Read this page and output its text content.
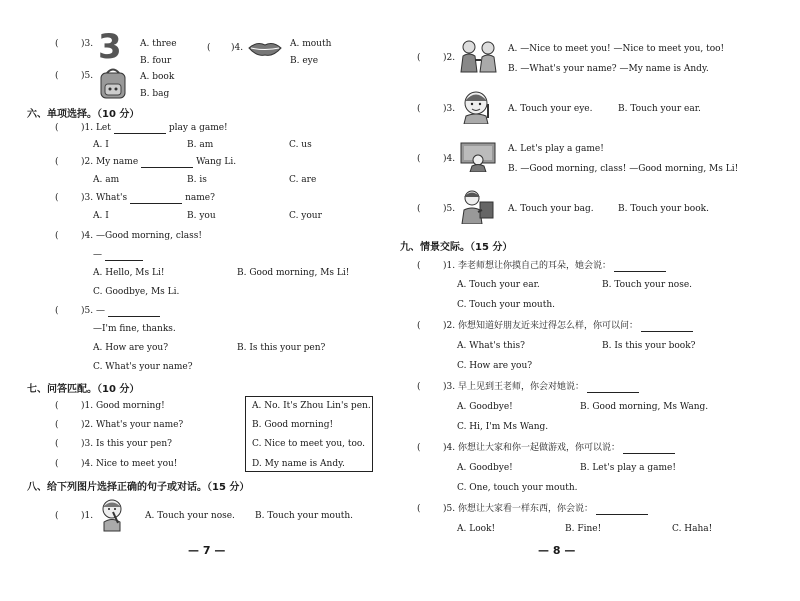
( )3. 3 A. three
B. four
( )4.	A. mouth
B. eye
( )5.	A. book
B. bag
六、单项选择。（10 分）
( )1. Let	play a game!
A. I	B. am	C. us
( )2. My name	Wang Li.
A. am	B. is	C. are
( )3. What's	name?
A. I	B. you	C. your
( )4. —Good morning, class!
—
A. Hello, Ms Li!	B. Good morning, Ms Li!
C. Goodbye, Ms Li.
( )5. —
—I'm fine, thanks.
A. How are you?	B. Is this your pen?
C. What's your name?
七、问答匹配。（10 分）
( )1. Good morning!
( )2. What's your name?
( )3. Is this your pen?
( )4. Nice to meet you!
A. No. It's Zhou Lin's pen.
B. Good morning!
C. Nice to meet you, too.
D. My name is Andy.
八、给下列图片选择正确的句子或对话。（15 分）
( )1.	A. Touch your nose. B. Touch your mouth.
— 7 —
( )2.
A. —Nice to meet you! —Nice to meet you, too!
B. —What's your name? —My name is Andy.
( )3.	A. Touch your eye.	B. Touch your ear.
( )4.
A. Let's play a game!
B. —Good morning, class! —Good morning, Ms Li!
( )5.	A. Touch your bag.	B. Touch your book.
九、情景交际。（15 分）
( )1. 李老师想让你摸自己的耳朵，她会说：
A. Touch your ear.	B. Touch your nose.
C. Touch your mouth.
( )2. 你想知道好朋友近来过得怎么样，你可以问：
A. What's this?	B. Is this your book?
C. How are you?
( )3. 早上见到王老师，你会对她说：
A. Goodbye!	B. Good morning, Ms Wang.
C. Hi, I'm Ms Wang.
( )4. 你想让大家和你一起做游戏，你可以说：
A. Goodbye!	B. Let's play a game!
C. One, touch your mouth.
( )5. 你想让大家看一样东西，你会说：
A. Look!	B. Fine!	C. Haha!
— 8 —
